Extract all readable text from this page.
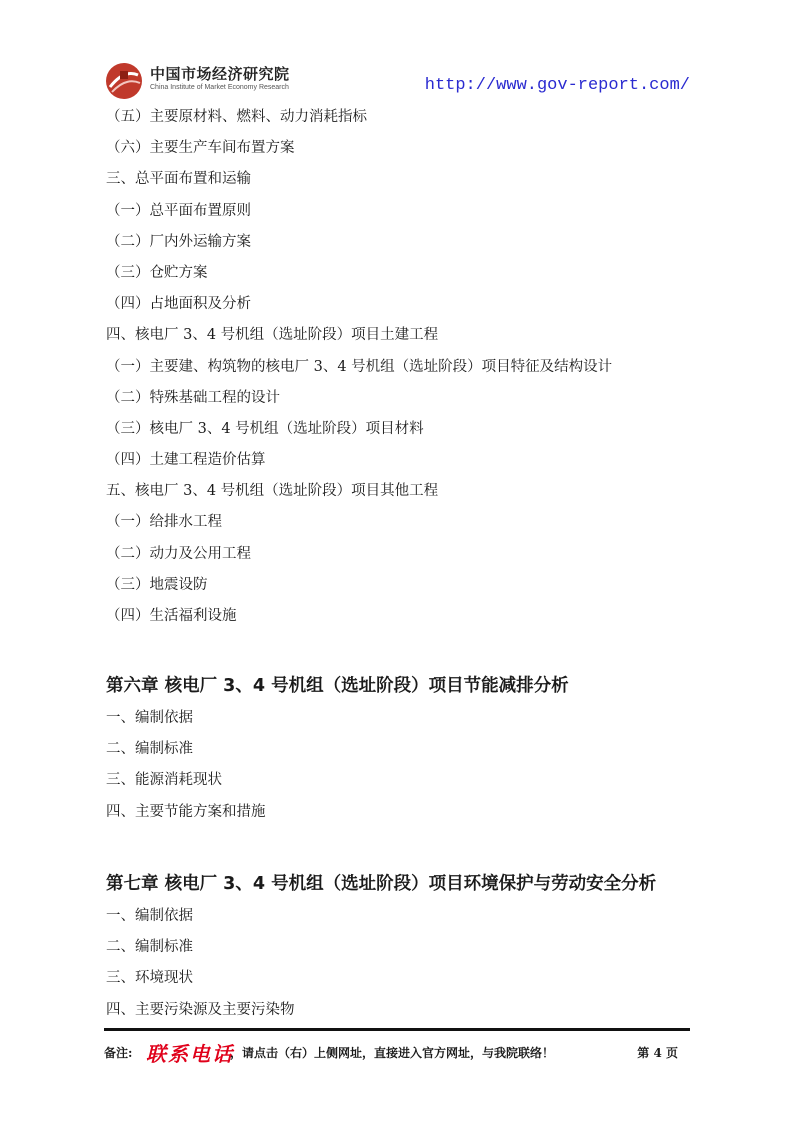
中国市场经济研究院
China Institute of Market Economy Research	http://www.gov-report.com/
（五）主要原材料、燃料、动力消耗指标
（六）主要生产车间布置方案
三、总平面布置和运输
（一）总平面布置原则
（二）厂内外运输方案
（三）仓贮方案
（四）占地面积及分析
四、核电厂 3、4 号机组（选址阶段）项目土建工程
（一）主要建、构筑物的核电厂 3、4 号机组（选址阶段）项目特征及结构设计
（二）特殊基础工程的设计
（三）核电厂 3、4 号机组（选址阶段）项目材料
（四）土建工程造价估算
五、核电厂 3、4 号机组（选址阶段）项目其他工程
（一）给排水工程
（二）动力及公用工程
（三）地震设防
（四）生活福利设施
第六章 核电厂 3、4 号机组（选址阶段）项目节能减排分析
一、编制依据
二、编制标准
三、能源消耗现状
四、主要节能方案和措施
第七章 核电厂 3、4 号机组（选址阶段）项目环境保护与劳动安全分析
一、编制依据
二、编制标准
三、环境现状
四、主要污染源及主要污染物
备注: 联系电话
，请点击（右）上侧网址，直接进入官方网址，与我院联络！	第 4 页
